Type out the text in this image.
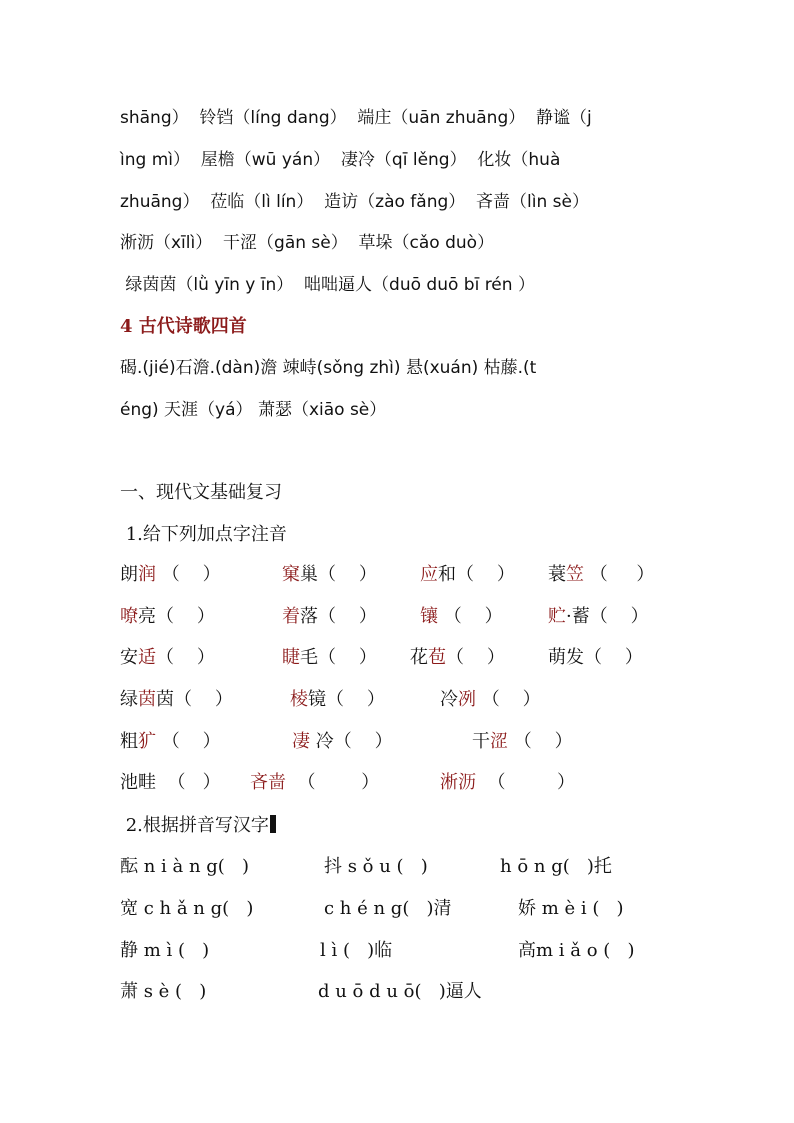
shāng）  铃铛（líng dang）  端庄（uān zhuāng）  静谧（j
ìng mì）  屋檐（wū yán）  凄冷（qī lěng）  化妆（huà
zhuāng）  莅临（lì lín）  造访（zào fǎng）  吝啬（lìn sè）
淅沥（xīlì）  干涩（gān sè）  草垛（cǎo duò）
绿茵茵（lǜ yīn y īn）  咄咄逼人（duō duō bī rén ）
4 古代诗歌四首
碣.(jié)石澹.(dàn)澹 竦峙(sǒng zhì) 悬(xuán) 枯藤.(t
éng) 天涯（yá） 萧瑟（xiāo sè）
一、现代文基础复习
1.给下列加点字注音
朗润 （    ）	窠巢（    ） 应和（    ） 蓑笠 （     ）
嘹亮（    ）	着落（    ） 镶 （    ）	贮·蓄（    ）
安适（    ）	睫毛（    ） 花苞（    ） 萌发（    ）
绿茵茵（    ）	棱镜（    ）	冷冽 （    ）
粗犷 （    ）	凄 冷（    ）	干涩 （    ）
池畦  （   ） 吝啬  （        ）	淅沥  （         ）
2.根据拼音写汉字
酝 n i à n g(   )	抖 s ǒ u (   )	h ō n g(   )托
宽 c h ǎ n g(   )	c h é n g(   )清	娇 m è i (   )
静 m ì (   )	l ì (   )临	高m i ǎ o (   )
萧 s è (   )	d u ō d u ō(   )逼人
